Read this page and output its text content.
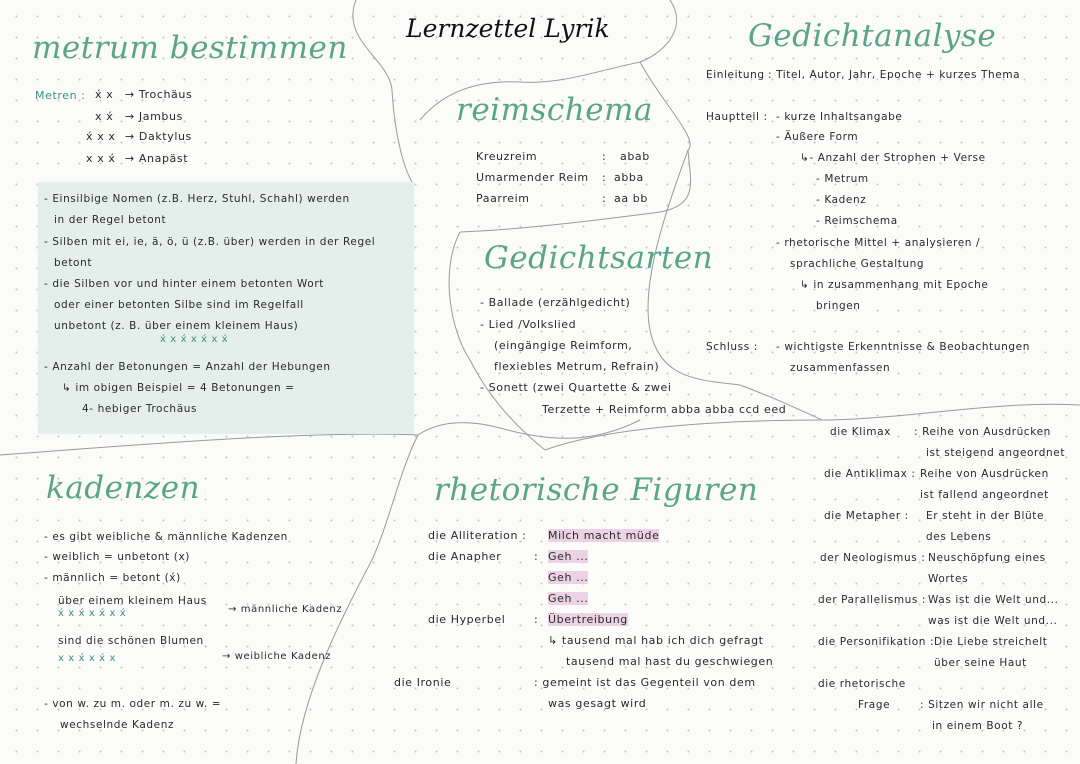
Lernzettel Lyrik
metrum bestimmen
Metren : x́ x → Trochäus
x x́ → Jambus
x́ x x → Daktylus
x x x́ → Anapäst
- Einsilbige Nomen (z.B. Herz, Stuhl, Schahl) werden
in der Regel betont
- Silben mit ei, ie, ä, ö, ü (z.B. über) werden in der Regel
betont
- die Silben vor und hinter einem betonten Wort
oder einer betonten Silbe sind im Regelfall
unbetont (z. B. über einem kleinem Haus)
x́ x x́ x x́ x x́
- Anzahl der Betonungen = Anzahl der Hebungen
↳ im obigen Beispiel = 4 Betonungen =
4- hebiger Trochäus
reimschema
Kreuzreim	: abab
Umarmender Reim : abba
Paarreim	: aa bb
Gedichtsarten
- Ballade (erzählgedicht)
- Lied /Volkslied
(eingängige Reimform,
flexiebles Metrum, Refrain)
- Sonett (zwei Quartette & zwei
Terzette + Reimform abba abba ccd eed
Gedichtanalyse
Einleitung : Titel, Autor, Jahr, Epoche + kurzes Thema
Hauptteil : - kurze Inhaltsangabe
- Äußere Form
↳- Anzahl der Strophen + Verse
- Metrum
- Kadenz
- Reimschema
- rhetorische Mittel + analysieren /
sprachliche Gestaltung
↳ in zusammenhang mit Epoche
bringen
Schluss : - wichtigste Erkenntnisse & Beobachtungen
zusammenfassen
kadenzen
- es gibt weibliche & männliche Kadenzen
- weiblich = unbetont (x)
- männlich = betont (x́)
über einem kleinem Haus
x́ x x́ x x́ x x́	→ männliche Kadenz
sind die schönen Blumen
x x x́ x x́ x	→ weibliche Kadenz
- von w. zu m. oder m. zu w. =
wechselnde Kadenz
rhetorische Figuren
die Alliteration : Milch macht müde
die Anapher	: Geh ...
Geh ...
Geh ...
die Hyperbel	: Übertreibung
↳ tausend mal hab ich dich gefragt
tausend mal hast du geschwiegen
die Ironie	: gemeint ist das Gegenteil von dem
was gesagt wird
die Klimax : Reihe von Ausdrücken
ist steigend angeordnet
die Antiklimax : Reihe von Ausdrücken
ist fallend angeordnet
die Metapher : Er steht in der Blüte
des Lebens
der Neologismus : Neuschöpfung eines
Wortes
der Parallelismus : Was ist die Welt und...
was ist die Welt und...
die Personifikation : Die Liebe streichelt
über seine Haut
die rhetorische
Frage	: Sitzen wir nicht alle
in einem Boot ?
